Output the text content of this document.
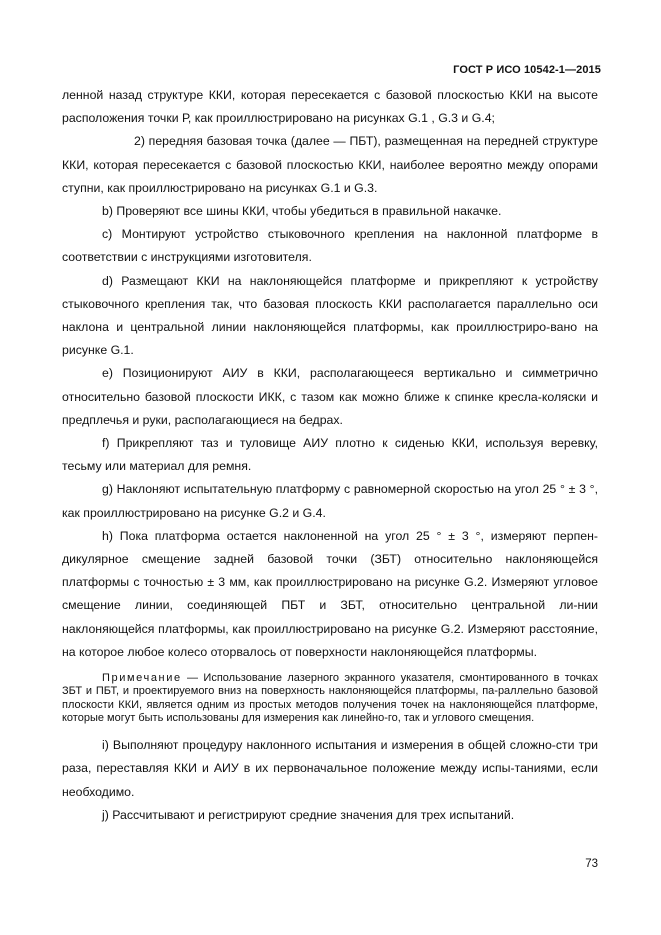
ГОСТ Р ИСО 10542-1—2015

ленной назад структуре ККИ, которая пересекается с базовой плоскостью ККИ на высоте расположения точки Р, как проиллюстрировано на рисунках G.1 , G.3 и G.4;

2) передняя базовая точка (далее — ПБТ), размещенная на передней структуре ККИ, которая пересекается с базовой плоскостью ККИ, наиболее вероятно между опорами ступни, как проиллюстрировано на рисунках G.1 и G.3.

b) Проверяют все шины ККИ, чтобы убедиться в правильной накачке.

с) Монтируют устройство стыковочного крепления на наклонной платформе в соответствии с инструкциями изготовителя.

d) Размещают ККИ на наклоняющейся платформе и прикрепляют к устройству стыковочного крепления так, что базовая плоскость ККИ располагается параллельно оси наклона и центральной линии наклоняющейся платформы, как проиллюстриро-вано на рисунке G.1.

е) Позиционируют АИУ в ККИ, располагающееся вертикально и симметрично относительно базовой плоскости ИКК, с тазом как можно ближе к спинке кресла-коляски и предплечья и руки, располагающиеся на бедрах.

f) Прикрепляют таз и туловище АИУ плотно к сиденью ККИ, используя веревку, тесьму или материал для ремня.

g) Наклоняют испытательную платформу с равномерной скоростью на угол 25 ° ± 3 °, как проиллюстрировано на рисунке G.2 и G.4.

h) Пока платформа остается наклоненной на угол 25 ° ± 3 °, измеряют перпен-дикулярное смещение задней базовой точки (ЗБТ) относительно наклоняющейся платформы с точностью ± 3 мм, как проиллюстрировано на рисунке G.2. Измеряют угловое смещение линии, соединяющей ПБТ и ЗБТ, относительно центральной ли-нии наклоняющейся платформы, как проиллюстрировано на рисунке G.2. Измеряют расстояние, на которое любое колесо оторвалось от поверхности наклоняющейся платформы.

Примечание — Использование лазерного экранного указателя, смонтированного в точках ЗБТ и ПБТ, и проектируемого вниз на поверхность наклоняющейся платформы, па-раллельно базовой плоскости ККИ, является одним из простых методов получения точек на наклоняющейся платформе, которые могут быть использованы для измерения как линейно-го, так и углового смещения.

i) Выполняют процедуру наклонного испытания и измерения в общей сложно-сти три раза, переставляя ККИ и АИУ в их первоначальное положение между испы-таниями, если необходимо.

j) Рассчитывают и регистрируют средние значения для трех испытаний.

73
